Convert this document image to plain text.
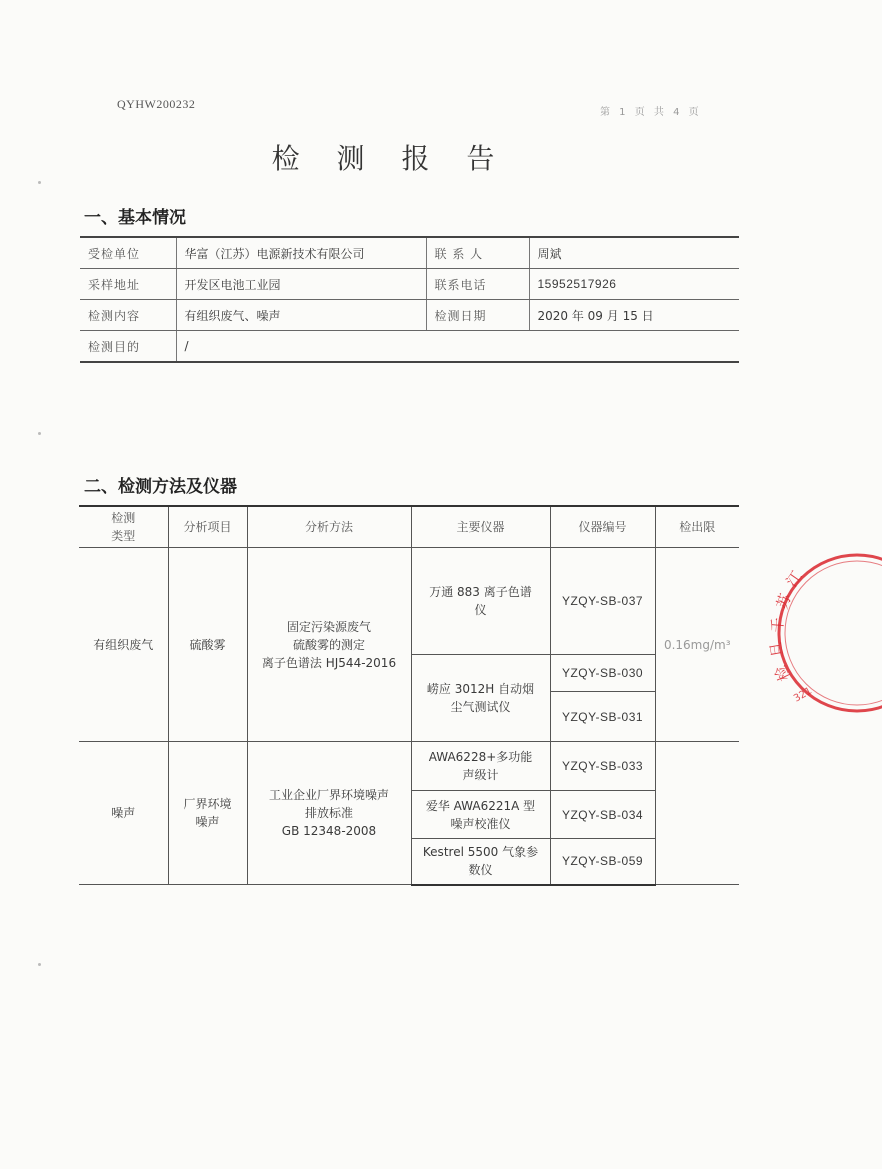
QYHW200232
第 1 页 共 4 页
检 测 报 告
一、基本情况
受检单位	华富（江苏）电源新技术有限公司	联 系 人	周斌
采样地址	开发区电池工业园	联系电话	15952517926
检测内容	有组织废气、噪声	检测日期	2020 年 09 月 15 日
检测目的	/		
二、检测方法及仪器
检测
类型	分析项目	分析方法	主要仪器	仪器编号	检出限
有组织废气	硫酸雾	固定污染源废气
硫酸雾的测定
离子色谱法 HJ544-2016	万通 883 离子色谱
仪	YZQY-SB-037	0.16mg/m³
			崂应 3012H 自动烟
尘气测试仪	YZQY-SB-030	
				YZQY-SB-031	
噪声	厂界环境
噪声	工业企业厂界环境噪声
排放标准
GB 12348-2008	AWA6228+多功能
声级计	YZQY-SB-033	
			爱华 AWA6221A 型
噪声校准仪	YZQY-SB-034	
			Kestrel 5500 气象参
数仪	YZQY-SB-059	
江
苏
千
旦
检
321
